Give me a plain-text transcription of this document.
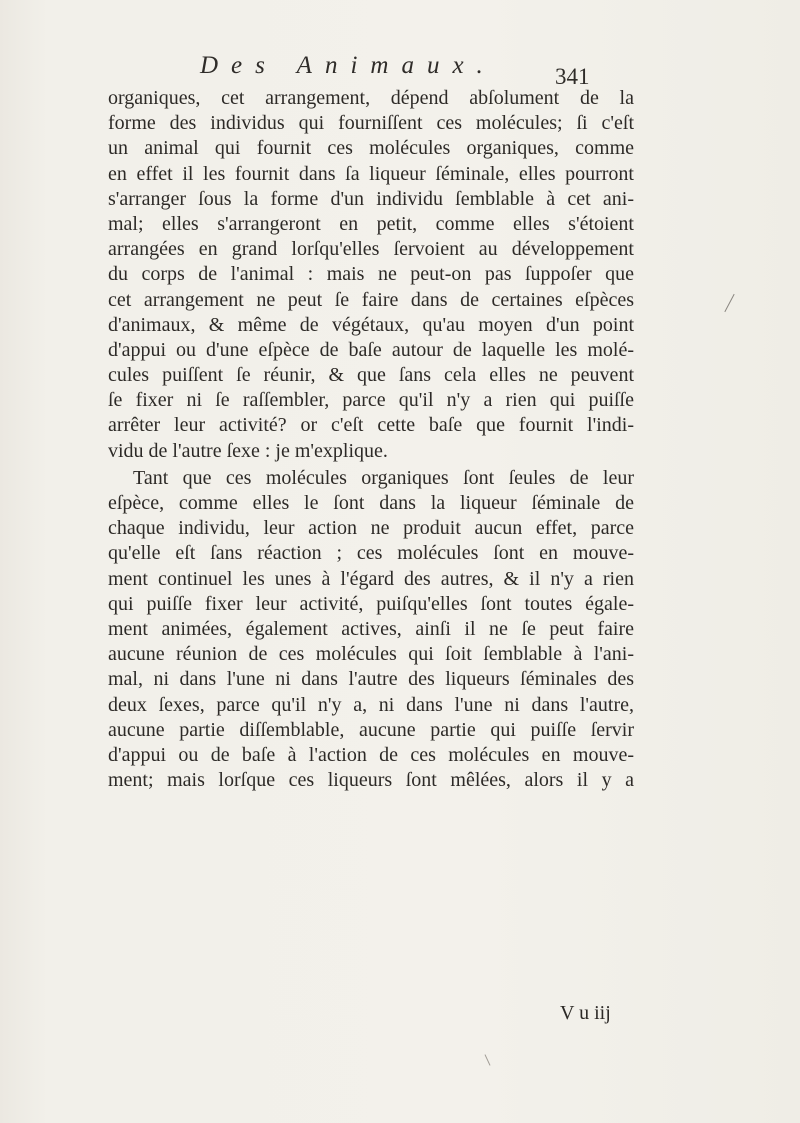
Des Animaux.	341
organiques, cet arrangement, dépend abſolument de la
forme des individus qui fourniſſent ces molécules; ſi c'eſt
un animal qui fournit ces molécules organiques, comme
en effet il les fournit dans ſa liqueur ſéminale, elles pourront
s'arranger ſous la forme d'un individu ſemblable à cet ani-
mal; elles s'arrangeront en petit, comme elles s'étoient
arrangées en grand lorſqu'elles ſervoient au développement
du corps de l'animal : mais ne peut-on pas ſuppoſer que
cet arrangement ne peut ſe faire dans de certaines eſpèces
d'animaux, & même de végétaux, qu'au moyen d'un point
d'appui ou d'une eſpèce de baſe autour de laquelle les molé-
cules puiſſent ſe réunir, & que ſans cela elles ne peuvent
ſe fixer ni ſe raſſembler, parce qu'il n'y a rien qui puiſſe
arrêter leur activité? or c'eſt cette baſe que fournit l'indi-
vidu de l'autre ſexe : je m'explique.
Tant que ces molécules organiques ſont ſeules de leur
eſpèce, comme elles le ſont dans la liqueur ſéminale de
chaque individu, leur action ne produit aucun effet, parce
qu'elle eſt ſans réaction ; ces molécules ſont en mouve-
ment continuel les unes à l'égard des autres, & il n'y a rien
qui puiſſe fixer leur activité, puiſqu'elles ſont toutes égale-
ment animées, également actives, ainſi il ne ſe peut faire
aucune réunion de ces molécules qui ſoit ſemblable à l'ani-
mal, ni dans l'une ni dans l'autre des liqueurs ſéminales des
deux ſexes, parce qu'il n'y a, ni dans l'une ni dans l'autre,
aucune partie diſſemblable, aucune partie qui puiſſe ſervir
d'appui ou de baſe à l'action de ces molécules en mouve-
ment; mais lorſque ces liqueurs ſont mêlées, alors il y a
V u iij
